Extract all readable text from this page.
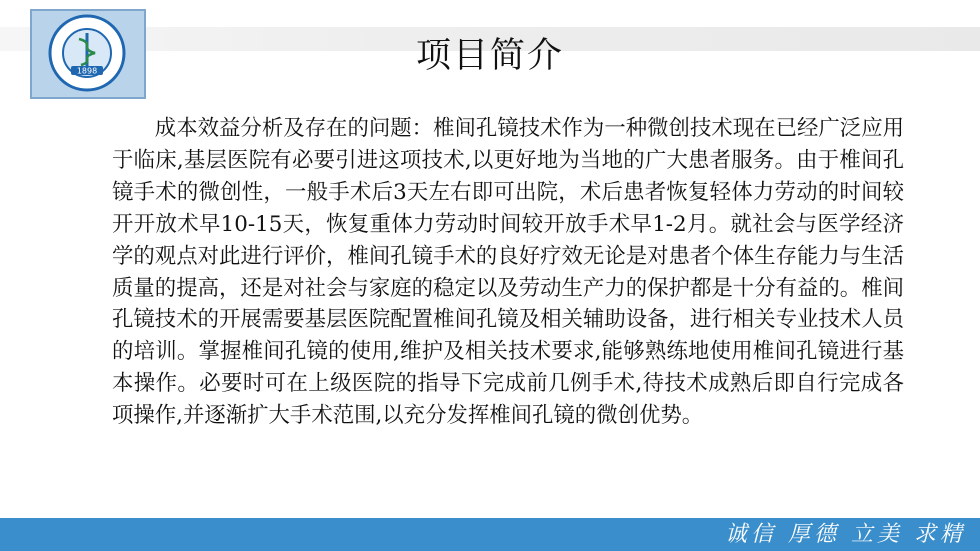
1898	项目简介
成本效益分析及存在的问题：椎间孔镜技术作为一种微创技术现在已经广泛应用于临床,基层医院有必要引进这项技术,以更好地为当地的广大患者服务。由于椎间孔镜手术的微创性，一般手术后3天左右即可出院，术后患者恢复轻体力劳动的时间较开开放术早10-15天，恢复重体力劳动时间较开放手术早1-2月。就社会与医学经济学的观点对此进行评价，椎间孔镜手术的良好疗效无论是对患者个体生存能力与生活质量的提高，还是对社会与家庭的稳定以及劳动生产力的保护都是十分有益的。椎间孔镜技术的开展需要基层医院配置椎间孔镜及相关辅助设备，进行相关专业技术人员的培训。掌握椎间孔镜的使用,维护及相关技术要求,能够熟练地使用椎间孔镜进行基本操作。必要时可在上级医院的指导下完成前几例手术,待技术成熟后即自行完成各项操作,并逐渐扩大手术范围,以充分发挥椎间孔镜的微创优势。
诚信 厚德 立美 求精
